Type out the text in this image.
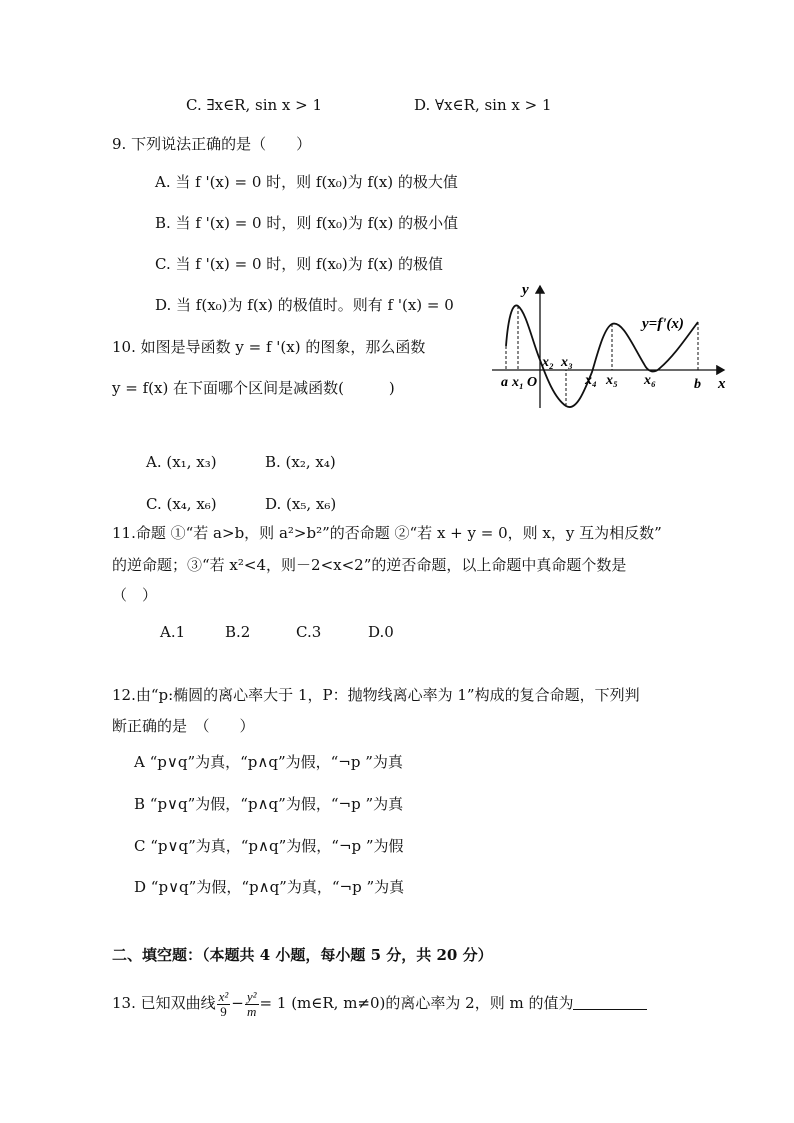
C. ∃x∈R, sin x > 1	D. ∀x∈R, sin x > 1
9. 下列说法正确的是（　　）
A. 当 f '(x) = 0 时，则 f(x₀)为 f(x) 的极大值
B. 当 f '(x) = 0 时，则 f(x₀)为 f(x) 的极小值
C. 当 f '(x) = 0 时，则 f(x₀)为 f(x) 的极值
D. 当 f(x₀)为 f(x) 的极值时。则有 f '(x) = 0
10. 如图是导函数 y = f '(x) 的图象，那么函数
y = f(x) 在下面哪个区间是减函数(　　　)
y
x
y=f'(x)
a x₁ O
x₂ x₃
x₄ x₅ x₆	b
A. (x₁, x₃)	B. (x₂, x₄)
C. (x₄, x₆)	D. (x₅, x₆)
11.命题 ①“若 a>b，则 a²>b²”的否命题 ②“若 x + y = 0，则 x，y 互为相反数”
的逆命题；③“若 x²<4，则－2<x<2”的逆否命题，以上命题中真命题个数是
（　）
A.1	B.2	C.3	D.0
12.由“p:椭圆的离心率大于 1，P：抛物线离心率为 1”构成的复合命题，下列判
断正确的是　（　　）
A “p∨q”为真，“p∧q”为假，“¬p ”为真
B “p∨q”为假，“p∧q”为假，“¬p ”为真
C “p∨q”为真，“p∧q”为假，“¬p ”为假
D “p∨q”为假，“p∧q”为真，“¬p ”为真
二、填空题：（本题共 4 小题，每小题 5 分，共 20 分）
13. 已知双曲线 $\frac{\text{x²}}{9} - \frac{\text{y²}}{m} = 1$ (m∈R, m≠0)的离心率为 2，则 m 的值为
